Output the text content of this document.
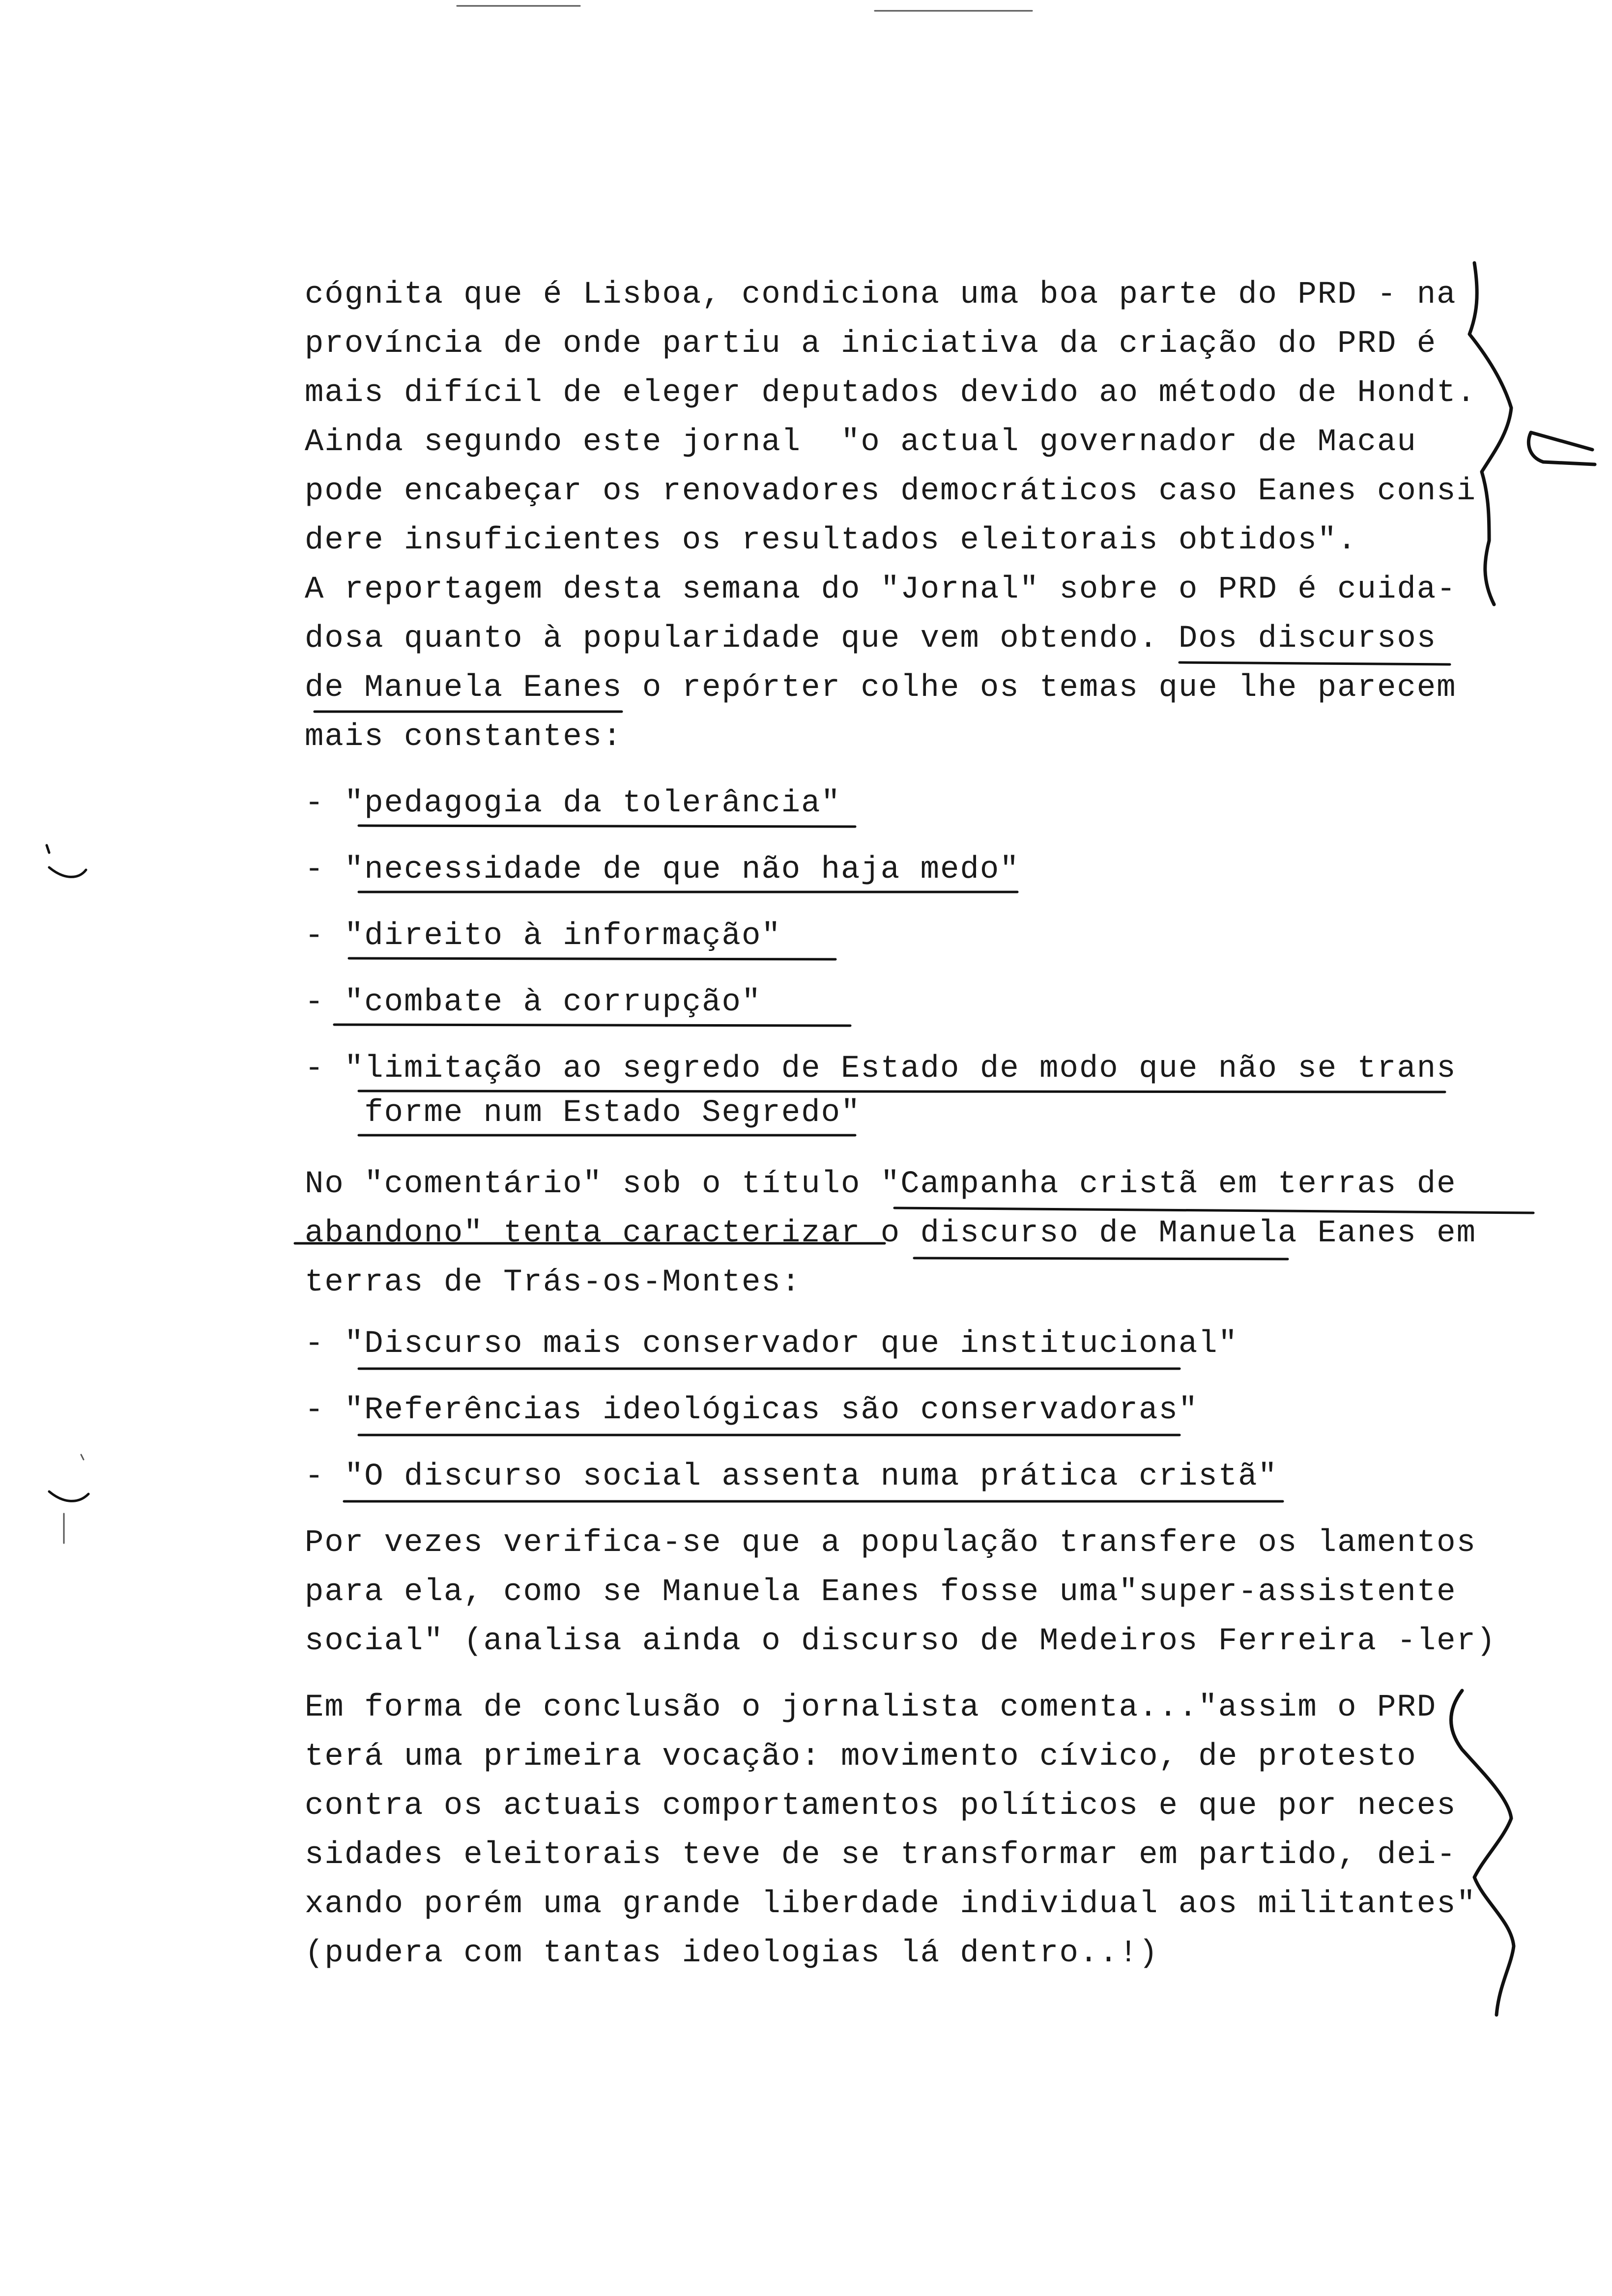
cógnita que é Lisboa, condiciona uma boa parte do PRD - na
província de onde partiu a iniciativa da criação do PRD é
mais difícil de eleger deputados devido ao método de Hondt.
Ainda segundo este jornal  "o actual governador de Macau
pode encabeçar os renovadores democráticos caso Eanes consi
dere insuficientes os resultados eleitorais obtidos".
A reportagem desta semana do "Jornal" sobre o PRD é cuida-
dosa quanto à popularidade que vem obtendo. Dos discursos
de Manuela Eanes o repórter colhe os temas que lhe parecem
mais constantes:
- "pedagogia da tolerância"
- "necessidade de que não haja medo"
- "direito à informação"
- "combate à corrupção"
- "limitação ao segredo de Estado de modo que não se trans
forme num Estado Segredo"
No "comentário" sob o título "Campanha cristã em terras de
abandono" tenta caracterizar o discurso de Manuela Eanes em
terras de Trás-os-Montes:
- "Discurso mais conservador que institucional"
- "Referências ideológicas são conservadoras"
- "O discurso social assenta numa prática cristã"
Por vezes verifica-se que a população transfere os lamentos
para ela, como se Manuela Eanes fosse uma"super-assistente
social" (analisa ainda o discurso de Medeiros Ferreira -ler)
Em forma de conclusão o jornalista comenta..."assim o PRD
terá uma primeira vocação: movimento cívico, de protesto
contra os actuais comportamentos políticos e que por neces
sidades eleitorais teve de se transformar em partido, dei-
xando porém uma grande liberdade individual aos militantes"
(pudera com tantas ideologias lá dentro..!)
